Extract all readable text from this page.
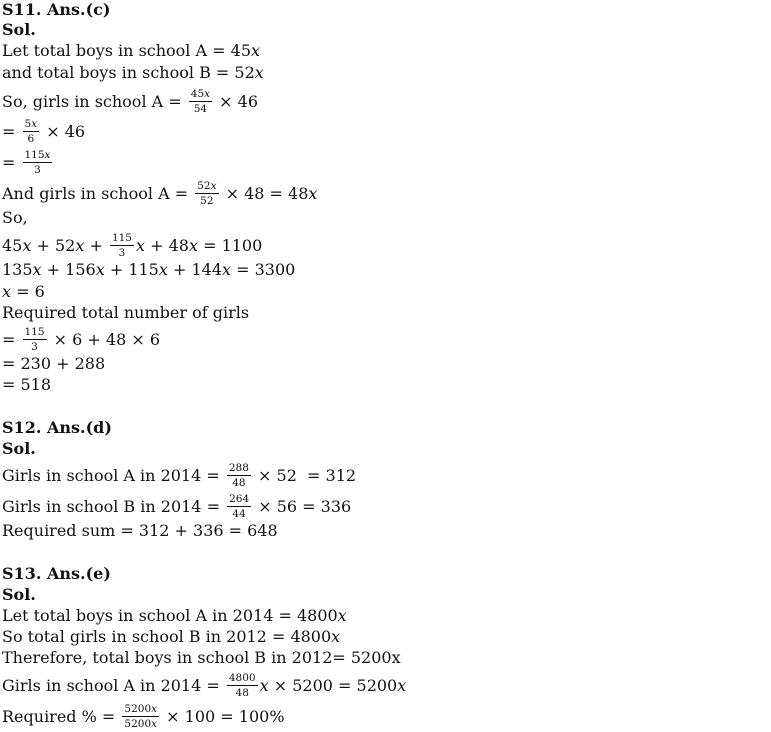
S11. Ans.(c)
Sol.
Let total boys in school A = 45x
and total boys in school B = 52x
So, girls in school $A = \frac{45x}{54} \times 46$
= $\frac{5x}{6} \times 46$
= $\frac{115x}{3}$
And girls in school $A = \frac{52x}{52} \times 48 = 48x$
So,
$45x + 52x + \frac{115}{3}$ x + 48x = 1100
135x + 156x + 115x + 144x = 3300
x = 6
Required total number of girls
= $\frac{115}{3} \times 6 + 48 \times 6$
= 230 + 288
= 518
S12. Ans.(d)
Sol.
Girls in school A in $2014 = \frac{288}{48} \times 52 = 312$
Girls in school B in $2014 = \frac{264}{44} \times 56 = 336$
Required sum = 312 + 336 = 648
S13. Ans.(e)
Sol.
Let total boys in school A in 2014 = 4800x
So total girls in school B in 2012 = 4800x
Therefore, total boys in school B in 2012= 5200x
Girls in school A in $2014 = \frac{4800}{48}$ x × 5200 = 5200x
Required % = $\frac{5200x}{5200x} \times 100 = 100\%$
